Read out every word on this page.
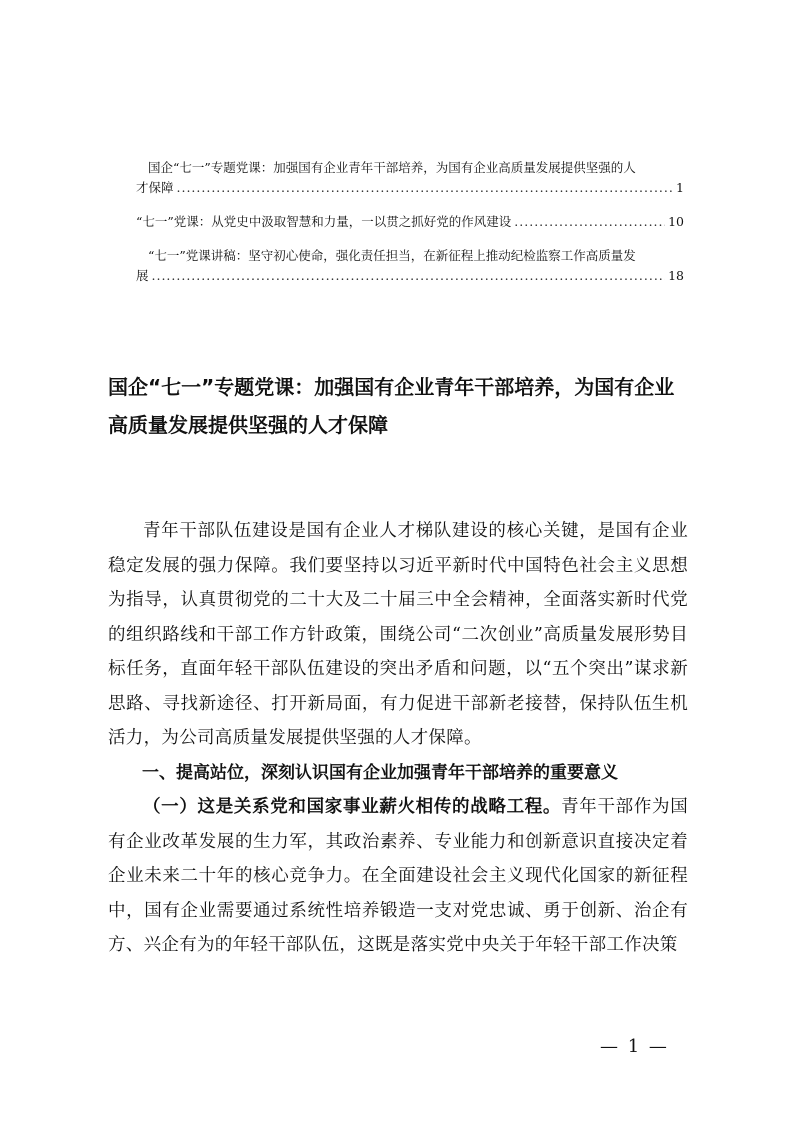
国企“七一”专题党课：加强国有企业青年干部培养，为国有企业高质量发展提供坚强的人
才保障 .....	1
“七一”党课：从党史中汲取智慧和力量，一以贯之抓好党的作风建设 .....	10
“七一”党课讲稿：坚守初心使命，强化责任担当，在新征程上推动纪检监察工作高质量发
展 .....	18
国企“七一”专题党课：加强国有企业青年干部培养，为国有企业高质量发展提供坚强的人才保障

青年干部队伍建设是国有企业人才梯队建设的核心关键，是国有企业稳定发展的强力保障。我们要坚持以习近平新时代中国特色社会主义思想为指导，认真贯彻党的二十大及二十届三中全会精神，全面落实新时代党的组织路线和干部工作方针政策，围绕公司“二次创业”高质量发展形势目标任务，直面年轻干部队伍建设的突出矛盾和问题，以“五个突出”谋求新思路、寻找新途径、打开新局面，有力促进干部新老接替，保持队伍生机活力，为公司高质量发展提供坚强的人才保障。

一、提高站位，深刻认识国有企业加强青年干部培养的重要意义

（一）这是关系党和国家事业薪火相传的战略工程。青年干部作为国有企业改革发展的生力军，其政治素养、专业能力和创新意识直接决定着企业未来二十年的核心竞争力。在全面建设社会主义现代化国家的新征程中，国有企业需要通过系统性培养锻造一支对党忠诚、勇于创新、治企有方、兴企有为的年轻干部队伍，这既是落实党中央关于年轻干部工作决策

— 1 —
